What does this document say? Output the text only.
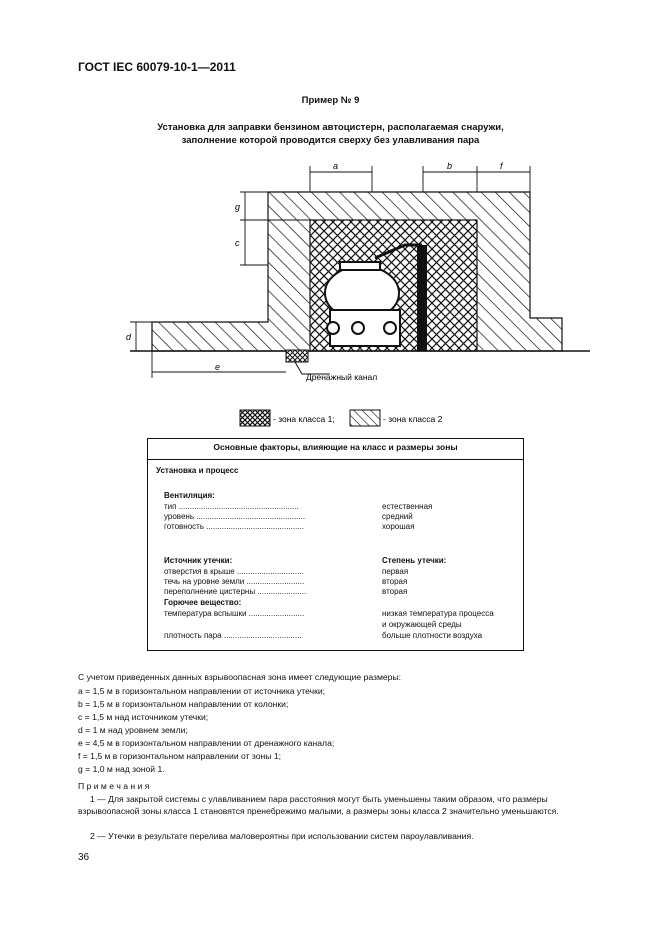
ГОСТ IEC 60079-10-1—2011
Пример № 9
Установка для заправки бензином автоцистерн, располагаемая снаружи,
заполнение которой проводится сверху без улавливания пара
a	b	f
g
c
d
e
Дренажный канал
- зона класса 1;	- зона класса 2
Основные факторы, влияющие на класс и размеры зоны
Установка и процесс
Вентиляция:
тип ......................................................	естественная
уровень .................................................	средний
готовность ............................................	хорошая
Источник утечки:	Степень утечки:
отверстия в крыше ..............................	первая
течь на уровне земли ..........................	вторая
переполнение цистерны ......................	вторая
Горючее вещество:
температура вспышки .........................	низкая температура процесса
и окружающей среды
плотность пара ...................................	больше плотности воздуха
С учетом приведенных данных взрывоопасная зона имеет следующие размеры:
a = 1,5 м в горизонтальном направлении от источника утечки;
b = 1,5 м в горизонтальном направлении от колонки;
c = 1,5 м над источником утечки;
d = 1 м над уровнем земли;
e = 4,5 м в горизонтальном направлении от дренажного канала;
f = 1,5 м в горизонтальном направлении от зоны 1;
g = 1,0 м над зоной 1.
П р и м е ч а н и я
1 — Для закрытой системы с улавливанием пара расстояния могут быть уменьшены таким образом, что размеры взрывоопасной зоны класса 1 становятся пренебрежимо малыми, а размеры зоны класса 2 значительно уменьшаются.
2 — Утечки в результате перелива маловероятны при использовании систем пароулавливания.
36
